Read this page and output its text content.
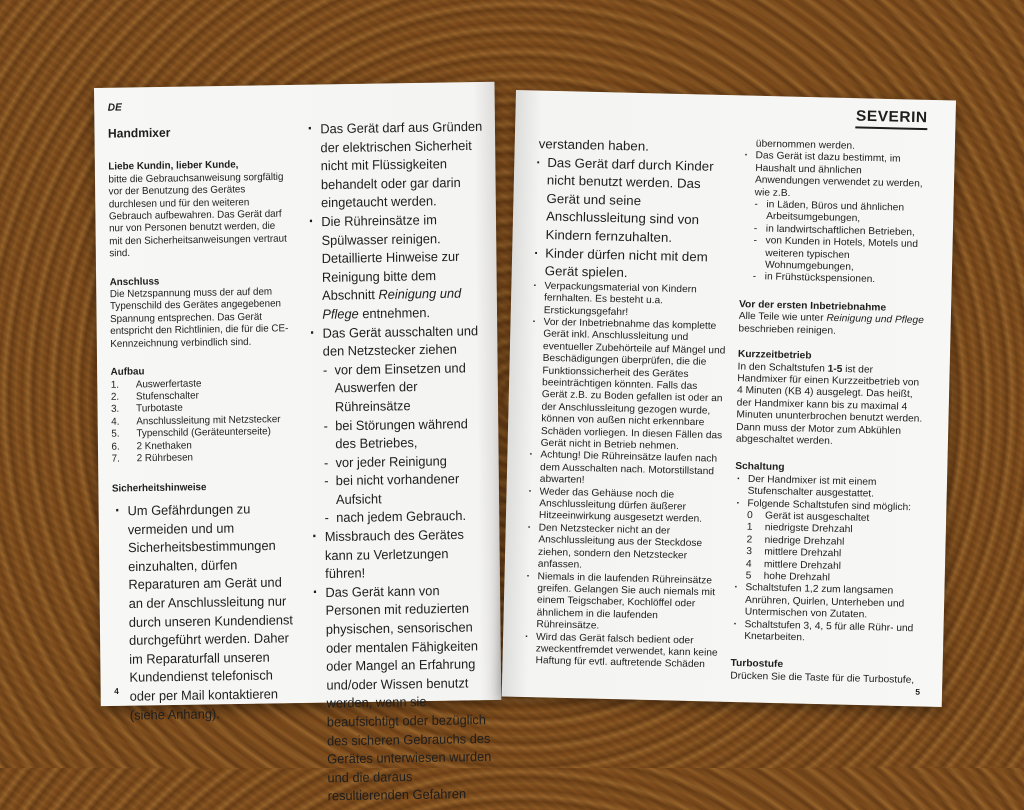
DE

Handmixer

Liebe Kundin, lieber Kunde,

bitte die Gebrauchsanweisung sorgfältig vor der Benutzung des Gerätes durchlesen und für den weiteren Gebrauch aufbewahren. Das Gerät darf nur von Personen benutzt werden, die mit den Sicherheitsanweisungen vertraut sind.

Anschluss

Die Netzspannung muss der auf dem Typenschild des Gerätes angegebenen Spannung entsprechen. Das Gerät entspricht den Richtlinien, die für die CE-Kennzeichnung verbindlich sind.

Aufbau

1.	Auswerfertaste
2.	Stufenschalter
3.	Turbotaste
4.	Anschlussleitung mit Netzstecker
5.	Typenschild (Geräteunterseite)
6.	2 Knethaken
7.	2 Rührbesen

Sicherheitshinweise

· Um Gefährdungen zu vermeiden und um Sicherheitsbestimmungen einzuhalten, dürfen Reparaturen am Gerät und an der Anschlussleitung nur durch unseren Kundendienst durchgeführt werden. Daher im Reparaturfall unseren Kundendienst telefonisch oder per Mail kontaktieren (siehe Anhang).
4
· Das Gerät darf aus Gründen der elektrischen Sicherheit nicht mit Flüssigkeiten behandelt oder gar darin eingetaucht werden.
· Die Rühreinsätze im Spülwasser reinigen. Detaillierte Hinweise zur Reinigung bitte dem Abschnitt Reinigung und Pflege entnehmen.
· Das Gerät ausschalten und den Netzstecker ziehen
- vor dem Einsetzen und Auswerfen der Rühreinsätze
- bei Störungen während des Betriebes,
- vor jeder Reinigung
- bei nicht vorhandener Aufsicht
- nach jedem Gebrauch.
· Missbrauch des Gerätes kann zu Verletzungen führen!
· Das Gerät kann von Personen mit reduzierten physischen, sensorischen oder mentalen Fähigkeiten oder Mangel an Erfahrung und/oder Wissen benutzt werden, wenn sie beaufsichtigt oder bezüglich des sicheren Gebrauchs des Gerätes unterwiesen wurden und die daraus resultierenden Gefahren
SEVERIN
verstanden haben.
· Das Gerät darf durch Kinder nicht benutzt werden. Das Gerät und seine Anschlussleitung sind von Kindern fernzuhalten.
· Kinder dürfen nicht mit dem Gerät spielen.
· Verpackungsmaterial von Kindern fernhalten. Es besteht u.a. Erstickungsgefahr!
· Vor der Inbetriebnahme das komplette Gerät inkl. Anschlussleitung und eventueller Zubehörteile auf Mängel und Beschädigungen überprüfen, die die Funktionssicherheit des Gerätes beeinträchtigen könnten. Falls das Gerät z.B. zu Boden gefallen ist oder an der Anschlussleitung gezogen wurde, können von außen nicht erkennbare Schäden vorliegen. In diesen Fällen das Gerät nicht in Betrieb nehmen.
· Achtung! Die Rühreinsätze laufen nach dem Ausschalten nach. Motorstillstand abwarten!
· Weder das Gehäuse noch die Anschlussleitung dürfen äußerer Hitzeeinwirkung ausgesetzt werden.
· Den Netzstecker nicht an der Anschlussleitung aus der Steckdose ziehen, sondern den Netzstecker anfassen.
· Niemals in die laufenden Rühreinsätze greifen. Gelangen Sie auch niemals mit einem Teigschaber, Kochlöffel oder ähnlichem in die laufenden Rühreinsätze.
· Wird das Gerät falsch bedient oder zweckentfremdet verwendet, kann keine Haftung für evtl. auftretende Schäden

übernommen werden.

· Das Gerät ist dazu bestimmt, im Haushalt und ähnlichen Anwendungen verwendet zu werden, wie z.B.
- in Läden, Büros und ähnlichen Arbeitsumgebungen,
- in landwirtschaftlichen Betrieben,
- von Kunden in Hotels, Motels und weiteren typischen Wohnumgebungen,
- in Frühstückspensionen.

Vor der ersten Inbetriebnahme

Alle Teile wie unter Reinigung und Pflege beschrieben reinigen.

Kurzzeitbetrieb

In den Schaltstufen 1-5 ist der Handmixer für einen Kurzzeitbetrieb von 4 Minuten (KB 4) ausgelegt. Das heißt, der Handmixer kann bis zu maximal 4 Minuten ununterbrochen benutzt werden. Dann muss der Motor zum Abkühlen abgeschaltet werden.

Schaltung

· Der Handmixer ist mit einem Stufenschalter ausgestattet.
· Folgende Schaltstufen sind möglich:
0	Gerät ist ausgeschaltet
1	niedrigste Drehzahl
2	niedrige Drehzahl
3	mittlere Drehzahl
4	mittlere Drehzahl
5	hohe Drehzahl
· Schaltstufen 1,2 zum langsamen Anrühren, Quirlen, Unterheben und Untermischen von Zutaten.
· Schaltstufen 3, 4, 5 für alle Rühr- und Knetarbeiten.

Turbostufe

Drücken Sie die Taste für die Turbostufe,

5
